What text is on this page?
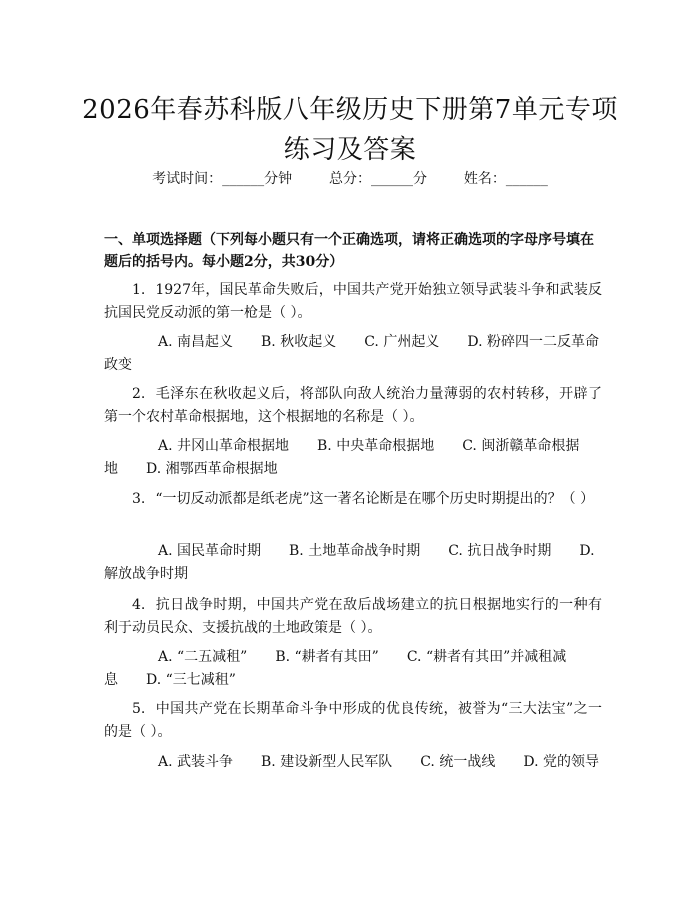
2026年春苏科版八年级历史下册第7单元专项练习及答案
考试时间：______分钟	总分：______分	姓名：______
一、单项选择题（下列每小题只有一个正确选项，请将正确选项的字母序号填在题后的括号内。每小题2分，共30分）
1. 1927年，国民革命失败后，中国共产党开始独立领导武装斗争和武装反抗国民党反动派的第一枪是（ ）。
A. 南昌起义 B. 秋收起义 C. 广州起义 D. 粉碎四一二反革命政变
2. 毛泽东在秋收起义后，将部队向敌人统治力量薄弱的农村转移，开辟了第一个农村革命根据地，这个根据地的名称是（ ）。
A. 井冈山革命根据地 B. 中央革命根据地 C. 闽浙赣革命根据地 D. 湘鄂西革命根据地
3. “一切反动派都是纸老虎”这一著名论断是在哪个历史时期提出的？（ ）
A. 国民革命时期 B. 土地革命战争时期 C. 抗日战争时期 D. 解放战争时期
4. 抗日战争时期，中国共产党在敌后战场建立的抗日根据地实行的一种有利于动员民众、支援抗战的土地政策是（ ）。
A. “二五减租” B. “耕者有其田” C. “耕者有其田”并减租减息 D. “三七减租”
5. 中国共产党在长期革命斗争中形成的优良传统，被誉为“三大法宝”之一的是（ ）。
A. 武装斗争 B. 建设新型人民军队 C. 统一战线 D. 党的领导
